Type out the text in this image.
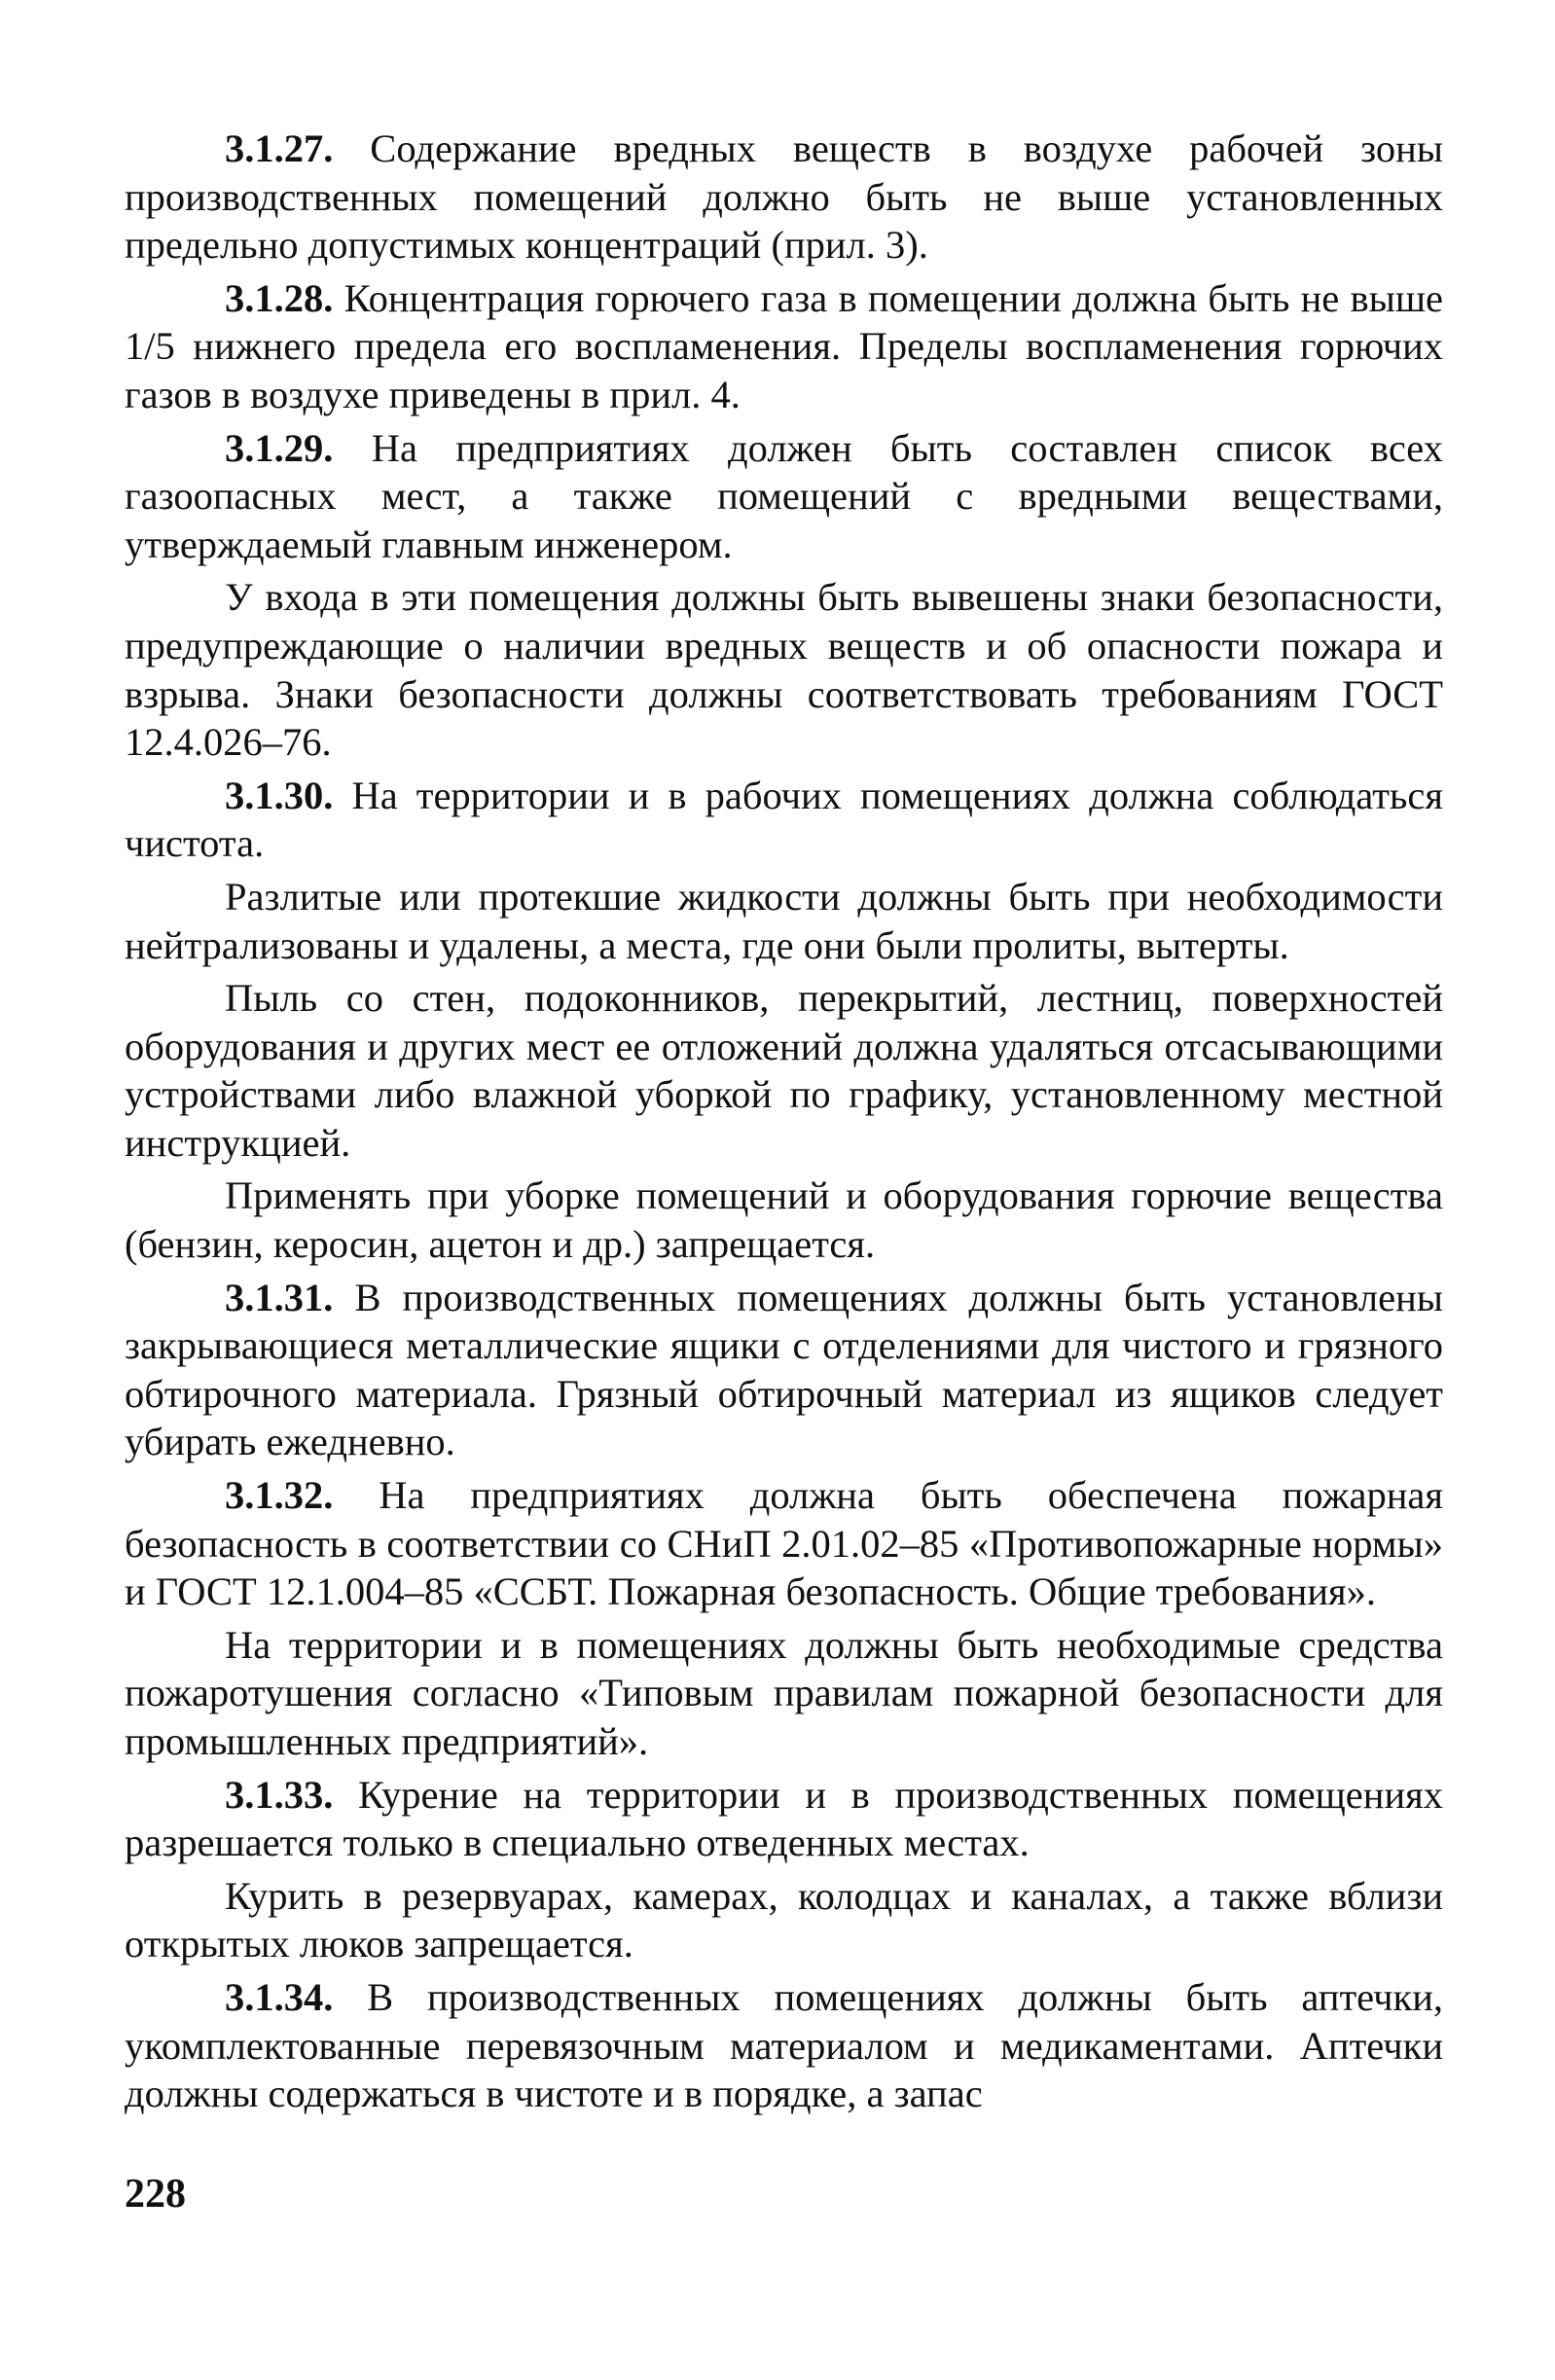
3.1.27. Содержание вредных веществ в воздухе рабочей зоны производственных помещений должно быть не выше установленных предельно допустимых концентраций (прил. 3).

3.1.28. Концентрация горючего газа в помещении должна быть не выше 1/5 нижнего предела его воспламенения. Пределы воспламенения горючих газов в воздухе приведены в прил. 4.

3.1.29. На предприятиях должен быть составлен список всех газоопасных мест, а также помещений с вредными веществами, утверждаемый главным инженером.

У входа в эти помещения должны быть вывешены знаки безопасности, предупреждающие о наличии вредных веществ и об опасности пожара и взрыва. Знаки безопасности должны соответствовать требованиям ГОСТ 12.4.026–76.

3.1.30. На территории и в рабочих помещениях должна соблюдаться чистота.

Разлитые или протекшие жидкости должны быть при необходимости нейтрализованы и удалены, а места, где они были пролиты, вытерты.

Пыль со стен, подоконников, перекрытий, лестниц, поверхностей оборудования и других мест ее отложений должна удаляться отсасывающими устройствами либо влажной уборкой по графику, установленному местной инструкцией.

Применять при уборке помещений и оборудования горючие вещества (бензин, керосин, ацетон и др.) запрещается.

3.1.31. В производственных помещениях должны быть установлены закрывающиеся металлические ящики с отделениями для чистого и грязного обтирочного материала. Грязный обтирочный материал из ящиков следует убирать ежедневно.

3.1.32. На предприятиях должна быть обеспечена пожарная безопасность в соответствии со СНиП 2.01.02–85 «Противопожарные нормы» и ГОСТ 12.1.004–85 «ССБТ. Пожарная безопасность. Общие требования».

На территории и в помещениях должны быть необходимые средства пожаротушения согласно «Типовым правилам пожарной безопасности для промышленных предприятий».

3.1.33. Курение на территории и в производственных помещениях разрешается только в специально отведенных местах.

Курить в резервуарах, камерах, колодцах и каналах, а также вблизи открытых люков запрещается.

3.1.34. В производственных помещениях должны быть аптечки, укомплектованные перевязочным материалом и медикаментами. Аптечки должны содержаться в чистоте и в порядке, а запас

228
